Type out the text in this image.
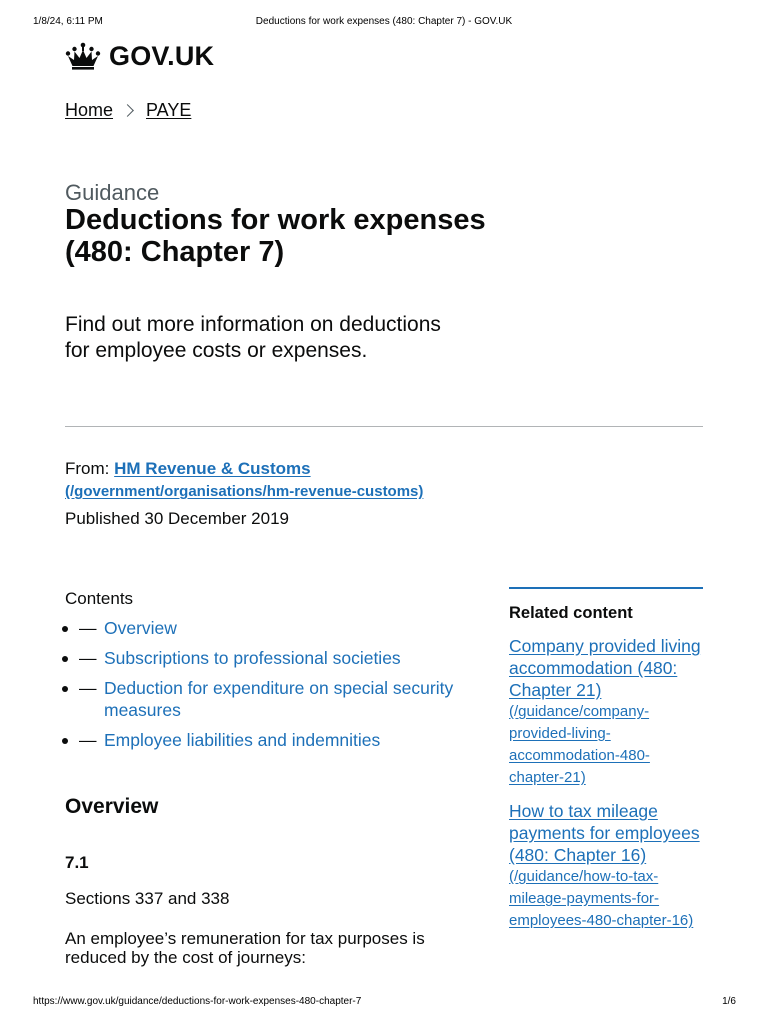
1/8/24, 6:11 PM	Deductions for work expenses (480: Chapter 7) - GOV.UK
GOV.UK
Home PAYE
Guidance
Deductions for work expenses (480: Chapter 7)

Find out more information on deductions for employee costs or expenses.

From: HM Revenue & Customs
(/government/organisations/hm-revenue-customs)
Published 30 December 2019
Contents
— Overview
— Subscriptions to professional societies
— Deduction for expenditure on special security measures
— Employee liabilities and indemnities
Overview
7.1

Sections 337 and 338

An employee’s remuneration for tax purposes is reduced by the cost of journeys:

Related content
Company provided living accommodation (480: Chapter 21)
(/guidance/company-provided-living-accommodation-480-chapter-21)
How to tax mileage payments for employees (480: Chapter 16)
(/guidance/how-to-tax-mileage-payments-for-employees-480-chapter-16)
https://www.gov.uk/guidance/deductions-for-work-expenses-480-chapter-7	1/6
